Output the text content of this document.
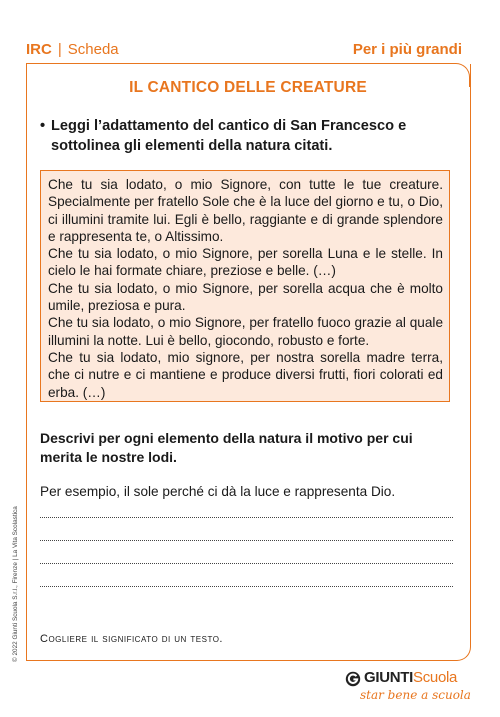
IRC | Scheda	Per i più grandi
IL CANTICO DELLE CREATURE
• Leggi l’adattamento del cantico di San Francesco e sottolinea gli elementi della natura citati.

Che tu sia lodato, o mio Signore, con tutte le tue creature. Specialmente per fratello Sole che è la luce del giorno e tu, o Dio, ci illumini tramite lui. Egli è bello, raggiante e di grande splendore e rappresenta te, o Altissimo.

Che tu sia lodato, o mio Signore, per sorella Luna e le stelle. In cielo le hai formate chiare, preziose e belle. (…)

Che tu sia lodato, o mio Signore, per sorella acqua che è molto umile, preziosa e pura.

Che tu sia lodato, o mio Signore, per fratello fuoco grazie al quale illumini la notte. Lui è bello, giocondo, robusto e forte.

Che tu sia lodato, mio signore, per nostra sorella madre terra, che ci nutre e ci mantiene e produce diversi frutti, fiori colorati ed erba. (…)

Descrivi per ogni elemento della natura il motivo per cui merita le nostre lodi.
Per esempio, il sole perché ci dà la luce e rappresenta Dio.
Cogliere il significato di un testo.
© 2022 Giunti Scuola S.r.l., Firenze | La Vita Scolastica
GIUNTIScuola
star bene a scuola
